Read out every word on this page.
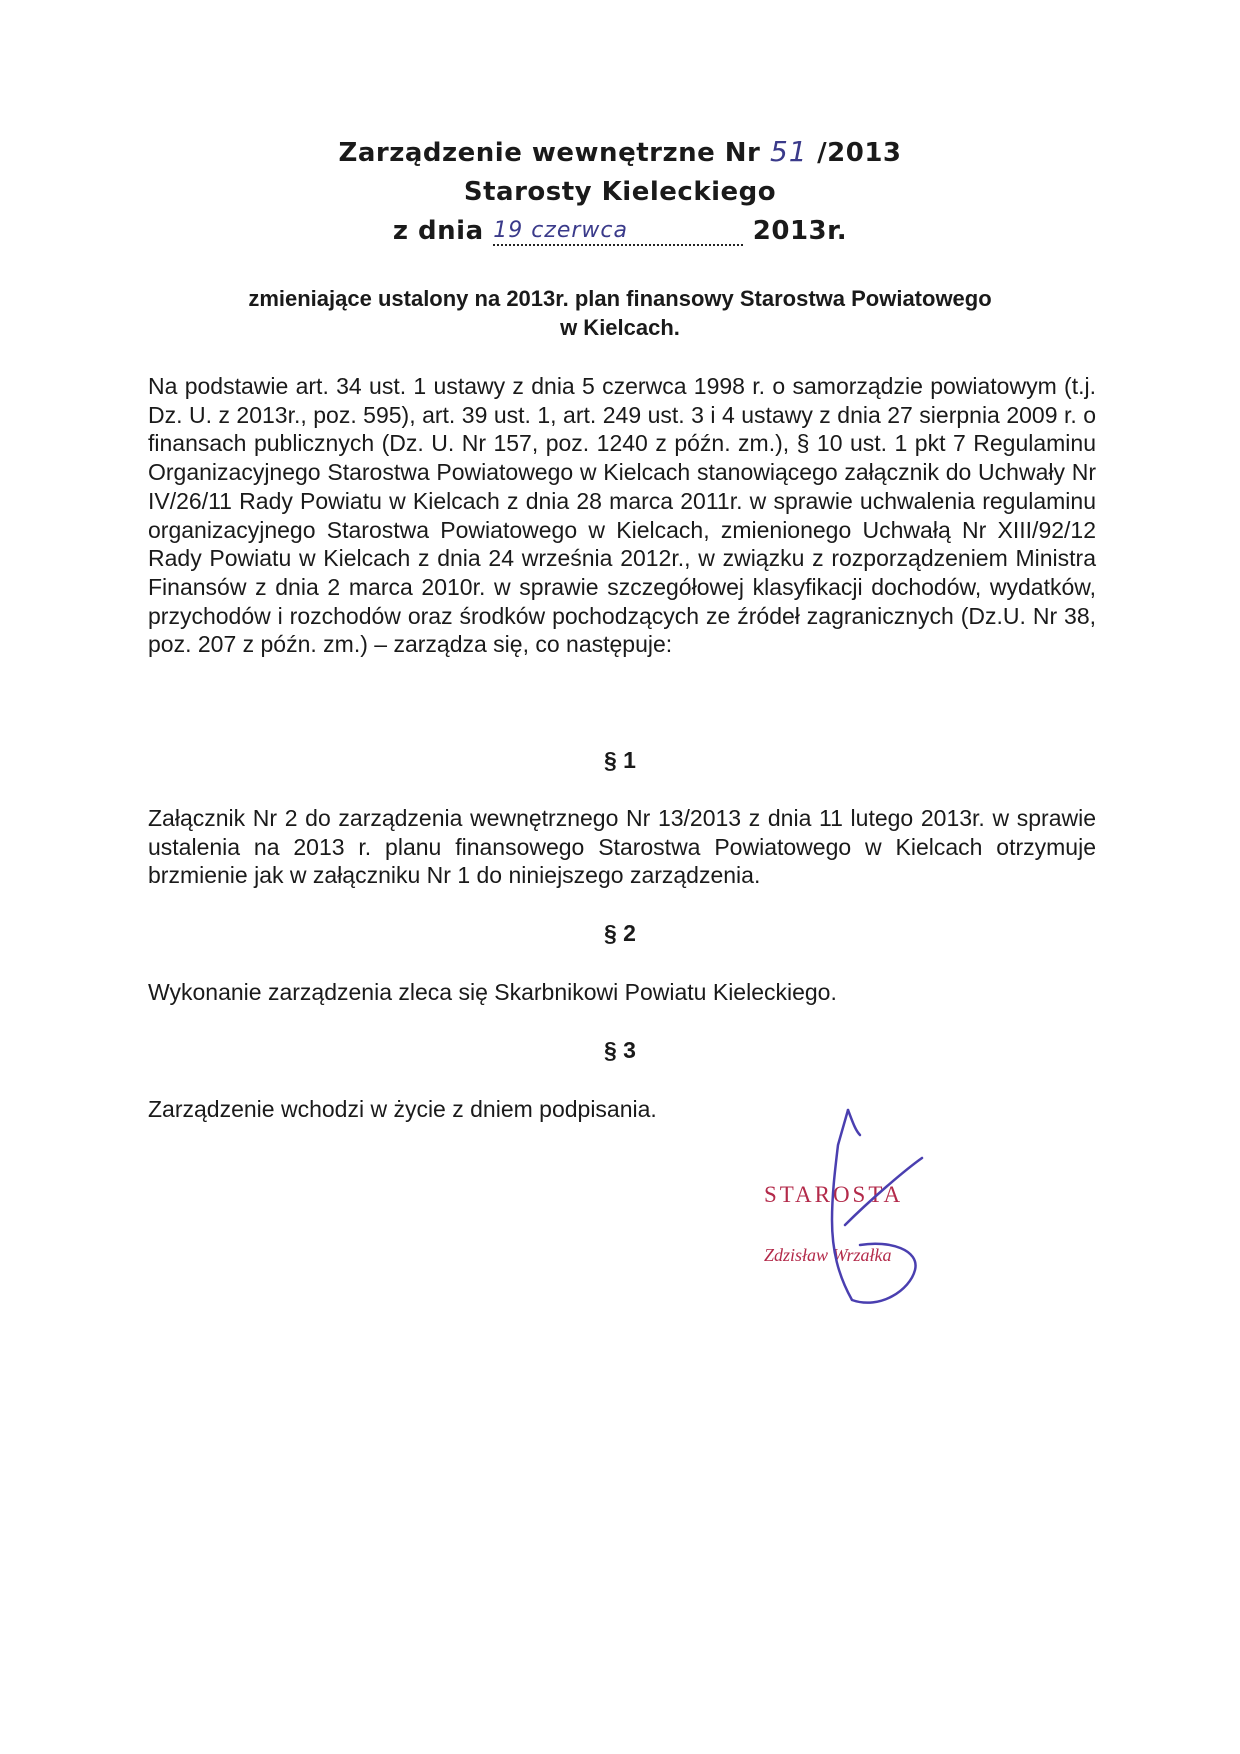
Zarządzenie wewnętrzne Nr 51 /2013
Starosty Kieleckiego
z dnia 19 czerwca	2013r.
zmieniające ustalony na 2013r. plan finansowy Starostwa Powiatowego
w Kielcach.
Na podstawie art. 34 ust. 1 ustawy z dnia 5 czerwca 1998 r. o samorządzie powiatowym (t.j. Dz. U. z 2013r., poz. 595), art. 39 ust. 1, art. 249 ust. 3 i 4 ustawy z dnia 27 sierpnia 2009 r. o finansach publicznych (Dz. U. Nr 157, poz. 1240 z późn. zm.), § 10 ust. 1 pkt 7 Regulaminu Organizacyjnego Starostwa Powiatowego w Kielcach stanowiącego załącznik do Uchwały Nr IV/26/11 Rady Powiatu w Kielcach z dnia 28 marca 2011r. w sprawie uchwalenia regulaminu organizacyjnego Starostwa Powiatowego w Kielcach, zmienionego Uchwałą Nr XIII/92/12 Rady Powiatu w Kielcach z dnia 24 września 2012r., w związku z rozporządzeniem Ministra Finansów z dnia 2 marca 2010r. w sprawie szczegółowej klasyfikacji dochodów, wydatków, przychodów i rozchodów oraz środków pochodzących ze źródeł zagranicznych (Dz.U. Nr 38, poz. 207 z późn. zm.) – zarządza się, co następuje:
§ 1
Załącznik Nr 2 do zarządzenia wewnętrznego Nr 13/2013 z dnia 11 lutego 2013r. w sprawie ustalenia na 2013 r. planu finansowego Starostwa Powiatowego w Kielcach otrzymuje brzmienie jak w załączniku Nr 1 do niniejszego zarządzenia.
§ 2
Wykonanie zarządzenia zleca się Skarbnikowi Powiatu Kieleckiego.
§ 3
Zarządzenie wchodzi w życie z dniem podpisania.
STAROSTA
Zdzisław Wrzałka
